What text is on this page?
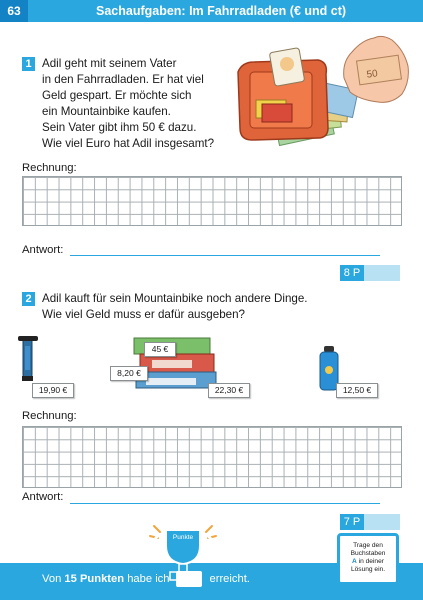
63	Sachaufgaben: Im Fahrradladen (€ und ct)
1 Adil geht mit seinem Vater
in den Fahrradladen. Er hat viel
Geld gespart. Er möchte sich
ein Mountainbike kaufen.
Sein Vater gibt ihm 50 € dazu.
Wie viel Euro hat Adil insgesamt?
50
Rechnung:
Antwort:
8 P
2 Adil kauft für sein Mountainbike noch andere Dinge.
Wie viel Geld muss er dafür ausgeben?
19,90 €
45 €
8,20 €
22,30 €	12,50 €
Rechnung:
Antwort:
7 P
Punkte
Von 15 Punkten habe ich	erreicht.
Trage den
Buchstaben
A in deiner
Lösung ein.
